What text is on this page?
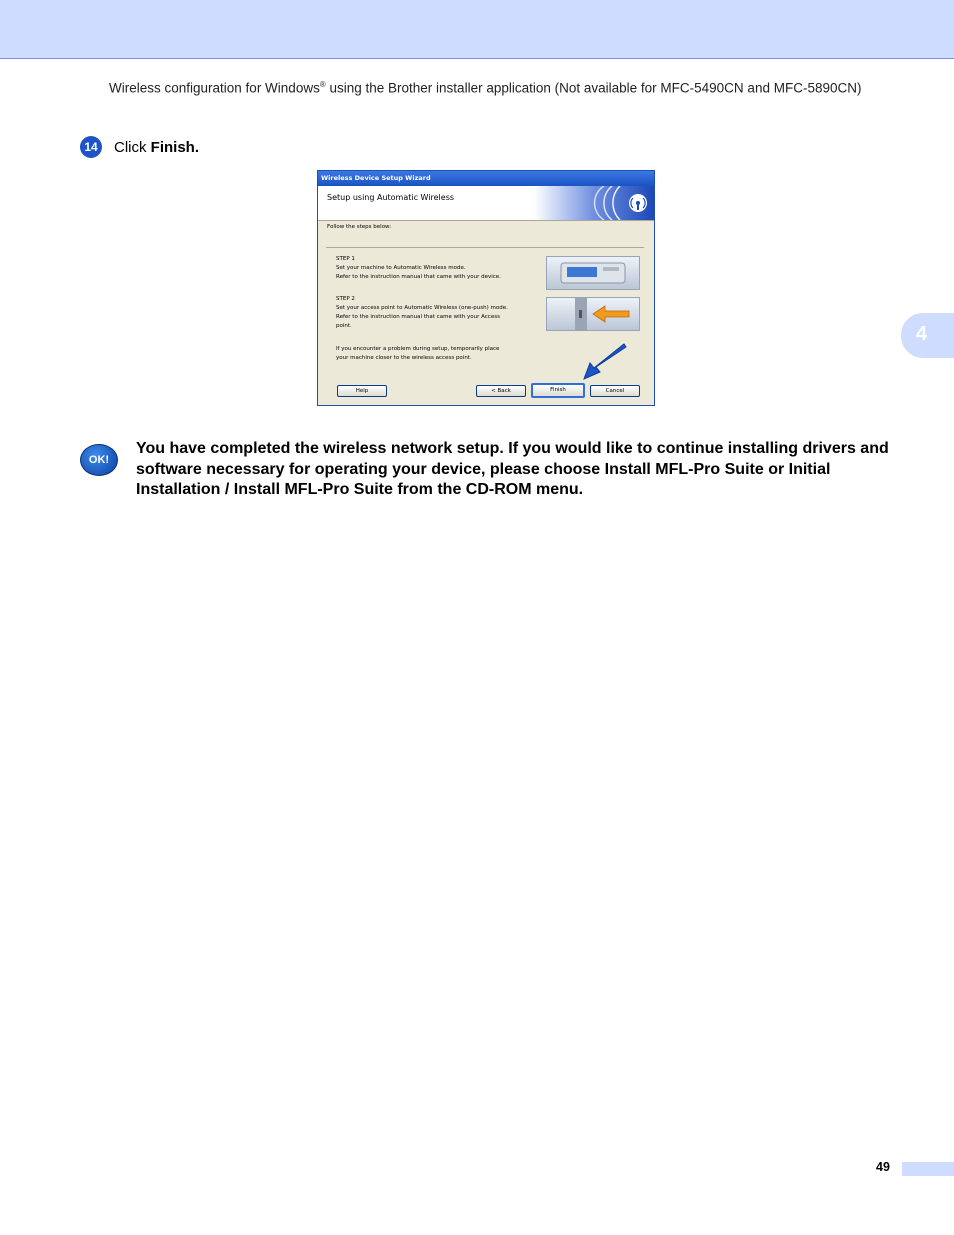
Wireless configuration for Windows® using the Brother installer application (Not available for MFC-5490CN and MFC-5890CN)
14 Click Finish.
Wireless Device Setup Wizard
Setup using Automatic Wireless
Follow the steps below:
STEP 1
Set your machine to Automatic Wireless mode.
Refer to the instruction manual that came with your device.
STEP 2
Set your access point to Automatic Wireless (one-push) mode.
Refer to the instruction manual that came with your Access
point.
If you encounter a problem during setup, temporarily place
your machine closer to the wireless access point.
Help	< Back	Finish	Cancel
OK!
You have completed the wireless network setup. If you would like to continue installing drivers and software necessary for operating your device, please choose Install MFL-Pro Suite or Initial Installation / Install MFL-Pro Suite from the CD-ROM menu.
4
49
